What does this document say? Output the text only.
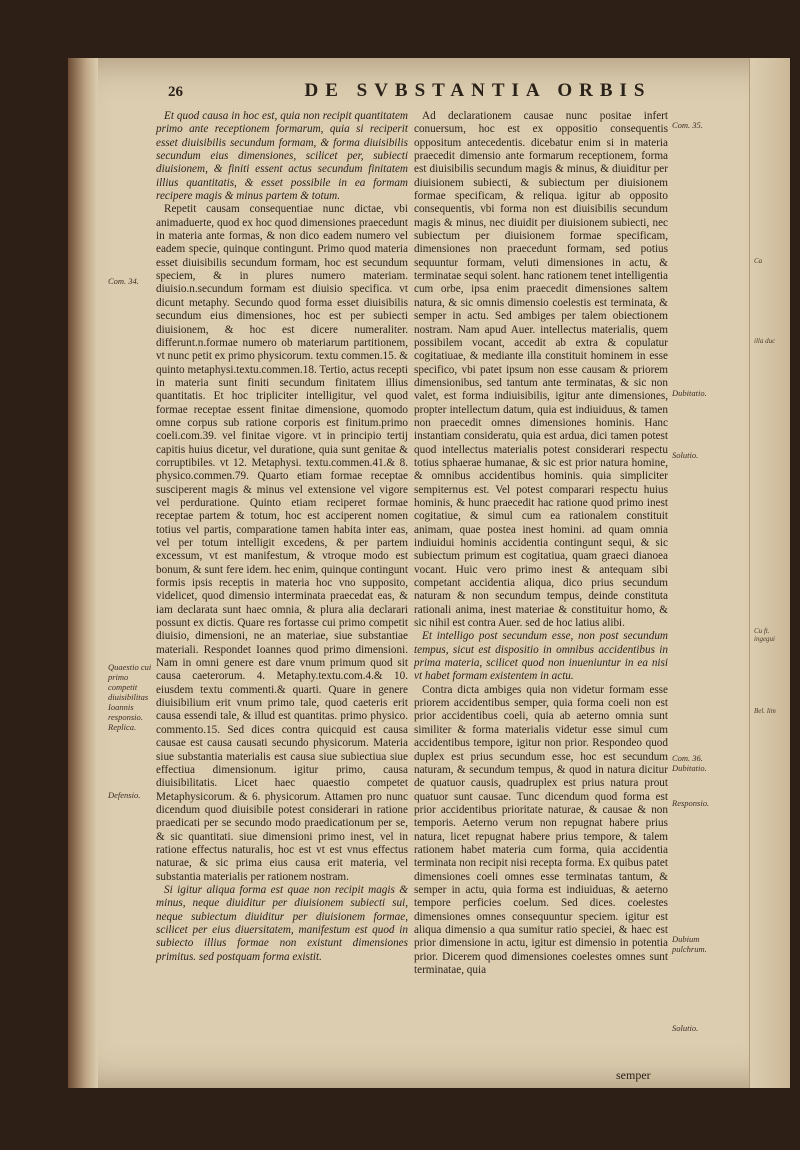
Ca
illa duc
Cu ft. ingegui
Bel. lim
26	DE SVBSTANTIA ORBIS
Com. 34.
Quaestio cui primo competit diuisibilitas Ioannis responsio. Replica.
Defensio.

Et quod causa in hoc est, quia non recipit quantitatem primo ante receptionem formarum, quia si reciperit esset diuisibilis secundum formam, & forma diuisibilis secundum eius dimensiones, scilicet per, subiecti diuisionem, & finiti essent actus secundum finitatem illius quantitatis, & esset possibile in ea formam recipere magis & minus partem & totum.

Repetit causam consequentiae nunc dictae, vbi animaduerte, quod ex hoc quod dimensiones praecedunt in materia ante formas, & non dico eadem numero vel eadem specie, quinque contingunt. Primo quod materia esset diuisibilis secundum formam, hoc est secundum speciem, & in plures numero materiam. diuisio.n.secundum formam est diuisio specifica. vt dicunt metaphy. Secundo quod forma esset diuisibilis secundum eius dimensiones, hoc est per subiecti diuisionem, & hoc est dicere numeraliter. differunt.n.formae numero ob materiarum partitionem, vt nunc petit ex primo physicorum. textu commen.15. & quinto metaphysi.textu.commen.18. Tertio, actus recepti in materia sunt finiti secundum finitatem illius quantitatis. Et hoc tripliciter intelligitur, vel quod formae receptae essent finitae dimensione, quomodo omne corpus sub ratione corporis est finitum.primo coeli.com.39. vel finitae vigore. vt in principio tertij capitis huius dicetur, vel duratione, quia sunt genitae & corruptibiles. vt 12. Metaphysi. textu.commen.41.& 8. physico.commen.79. Quarto etiam formae receptae susciperent magis & minus vel extensione vel vigore vel perduratione. Quinto etiam reciperet formae receptae partem & totum, hoc est acciperent nomen totius vel partis, comparatione tamen habita inter eas, vel per totum intelligit excedens, & per partem excessum, vt est manifestum, & vtroque modo est bonum, & sunt fere idem. hec enim, quinque contingunt formis ipsis receptis in materia hoc vno supposito, videlicet, quod dimensio interminata praecedat eas, & iam declarata sunt haec omnia, & plura alia declarari possunt ex dictis. Quare res fortasse cui primo competit diuisio, dimensioni, ne an materiae, siue substantiae materiali. Respondet Ioannes quod primo dimensioni. Nam in omni genere est dare vnum primum quod sit causa caeterorum. 4. Metaphy.textu.com.4.& 10. eiusdem textu commenti.& quarti. Quare in genere diuisibilium erit vnum primo tale, quod caeteris erit causa essendi tale, & illud est quantitas. primo physico. commento.15. Sed dices contra quicquid est causa causae est causa causati secundo physicorum. Materia siue substantia materialis est causa siue subiectiua siue effectiua dimensionum. igitur primo, causa diuisibilitatis. Licet haec quaestio competet Metaphysicorum. & 6. physicorum. Attamen pro nunc dicendum quod diuisibile potest considerari in ratione praedicati per se secundo modo praedicationum per se, & sic quantitati. siue dimensioni primo inest, vel in ratione effectus naturalis, hoc est vt est vnus effectus naturae, & sic prima eius causa erit materia, vel substantia materialis per rationem nostram.

Si igitur aliqua forma est quae non recipit magis & minus, neque diuiditur per diuisionem subiecti sui, neque subiectum diuiditur per diuisionem formae, scilicet per eius diuersitatem, manifestum est quod in subiecto illius formae non existunt dimensiones primitus. sed postquam forma existit.

Ad declarationem causae nunc positae infert conuersum, hoc est ex oppositio consequentis oppositum antecedentis. dicebatur enim si in materia praecedit dimensio ante formarum receptionem, forma est diuisibilis secundum magis & minus, & diuiditur per diuisionem subiecti, & subiectum per diuisionem formae specificam, & reliqua. igitur ab opposito consequentis, vbi forma non est diuisibilis secundum magis & minus, nec diuidit per diuisionem subiecti, nec subiectum per diuisionem formae specificam, dimensiones non praecedunt formam, sed potius sequuntur formam, veluti dimensiones in actu, & terminatae sequi solent. hanc rationem tenet intelligentia cum orbe, ipsa enim praecedit dimensiones saltem natura, & sic omnis dimensio coelestis est terminata, & semper in actu. Sed ambiges per talem obiectionem nostram. Nam apud Auer. intellectus materialis, quem possibilem vocant, accedit ab extra & copulatur cogitatiuae, & mediante illa constituit hominem in esse specifico, vbi patet ipsum non esse causam & priorem dimensionibus, sed tantum ante terminatas, & sic non valet, est forma indiuisibilis, igitur ante dimensiones, propter intellectum datum, quia est indiuiduus, & tamen non praecedit omnes dimensiones hominis. Hanc instantiam consideratu, quia est ardua, dici tamen potest quod intellectus materialis potest considerari respectu totius sphaerae humanae, & sic est prior natura homine, & omnibus accidentibus hominis. quia simpliciter sempiternus est. Vel potest comparari respectu huius hominis, & hunc praecedit hac ratione quod primo inest cogitatiue, & simul cum ea rationalem constituit animam, quae postea inest homini. ad quam omnia indiuidui hominis accidentia contingunt sequi, & sic subiectum primum est cogitatiua, quam graeci dianoea vocant. Huic vero primo inest & antequam sibi competant accidentia aliqua, dico prius secundum naturam & non secundum tempus, deinde constituta rationali anima, inest materiae & constituitur homo, & sic nihil est contra Auer. sed de hoc latius alibi.

Et intelligo post secundum esse, non post secundum tempus, sicut est dispositio in omnibus accidentibus in prima materia, scilicet quod non inueniuntur in ea nisi vt habet formam existentem in actu.

Contra dicta ambiges quia non videtur formam esse priorem accidentibus semper, quia forma coeli non est prior accidentibus coeli, quia ab aeterno omnia sunt similiter & forma materialis videtur esse simul cum accidentibus tempore, igitur non prior. Respondeo quod duplex est prius secundum esse, hoc est secundum naturam, & secundum tempus, & quod in natura dicitur de quatuor causis, quadruplex est prius natura prout quatuor sunt causae. Tunc dicendum quod forma est prior accidentibus prioritate naturae, & causae & non temporis. Aeterno verum non repugnat habere prius natura, licet repugnat habere prius tempore, & talem rationem habet materia cum forma, quia accidentia terminata non recipit nisi recepta forma. Ex quibus patet dimensiones coeli omnes esse terminatas tantum, & semper in actu, quia forma est indiuiduas, & aeterno tempore perficies coelum. Sed dices. coelestes dimensiones omnes consequuntur speciem. igitur est aliqua dimensio a qua sumitur ratio speciei, & haec est prior dimensione in actu, igitur est dimensio in potentia prior. Dicerem quod dimensiones coelestes omnes sunt terminatae, quia

Com. 35.
Dubitatio.
Solutio.
Com. 36. Dubitatio.
Responsio.
Dubium pulchrum.
Solutio.
semper
